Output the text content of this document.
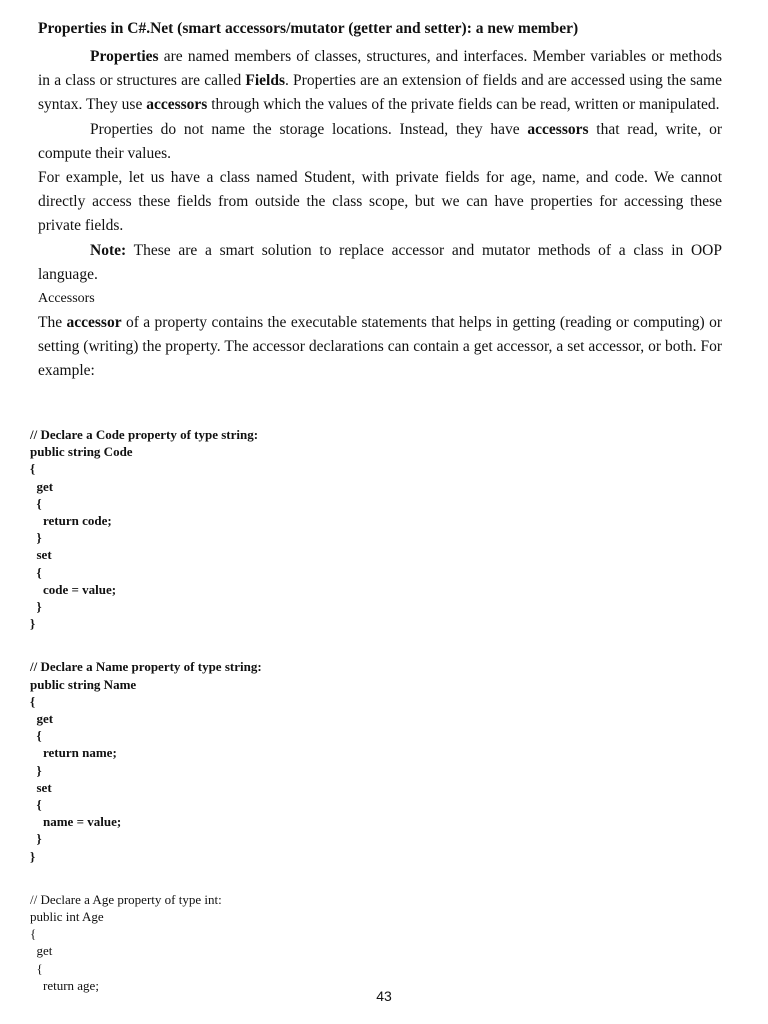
Properties in C#.Net (smart accessors/mutator (getter and setter): a new member)

Properties are named members of classes, structures, and interfaces. Member variables or methods in a class or structures are called Fields. Properties are an extension of fields and are accessed using the same syntax. They use accessors through which the values of the private fields can be read, written or manipulated.

Properties do not name the storage locations. Instead, they have accessors that read, write, or compute their values.

For example, let us have a class named Student, with private fields for age, name, and code. We cannot directly access these fields from outside the class scope, but we can have properties for accessing these private fields.

Note: These are a smart solution to replace accessor and mutator methods of a class in OOP language.

Accessors

The accessor of a property contains the executable statements that helps in getting (reading or computing) or setting (writing) the property. The accessor declarations can contain a get accessor, a set accessor, or both. For example:

// Declare a Code property of type string:
public string Code
{
get
{
return code;
}
set
{
code = value;
}
}
// Declare a Name property of type string:
public string Name
{
get
{
return name;
}
set
{
name = value;
}
}
// Declare a Age property of type int:
public int Age
{
get
{
return age;
43
